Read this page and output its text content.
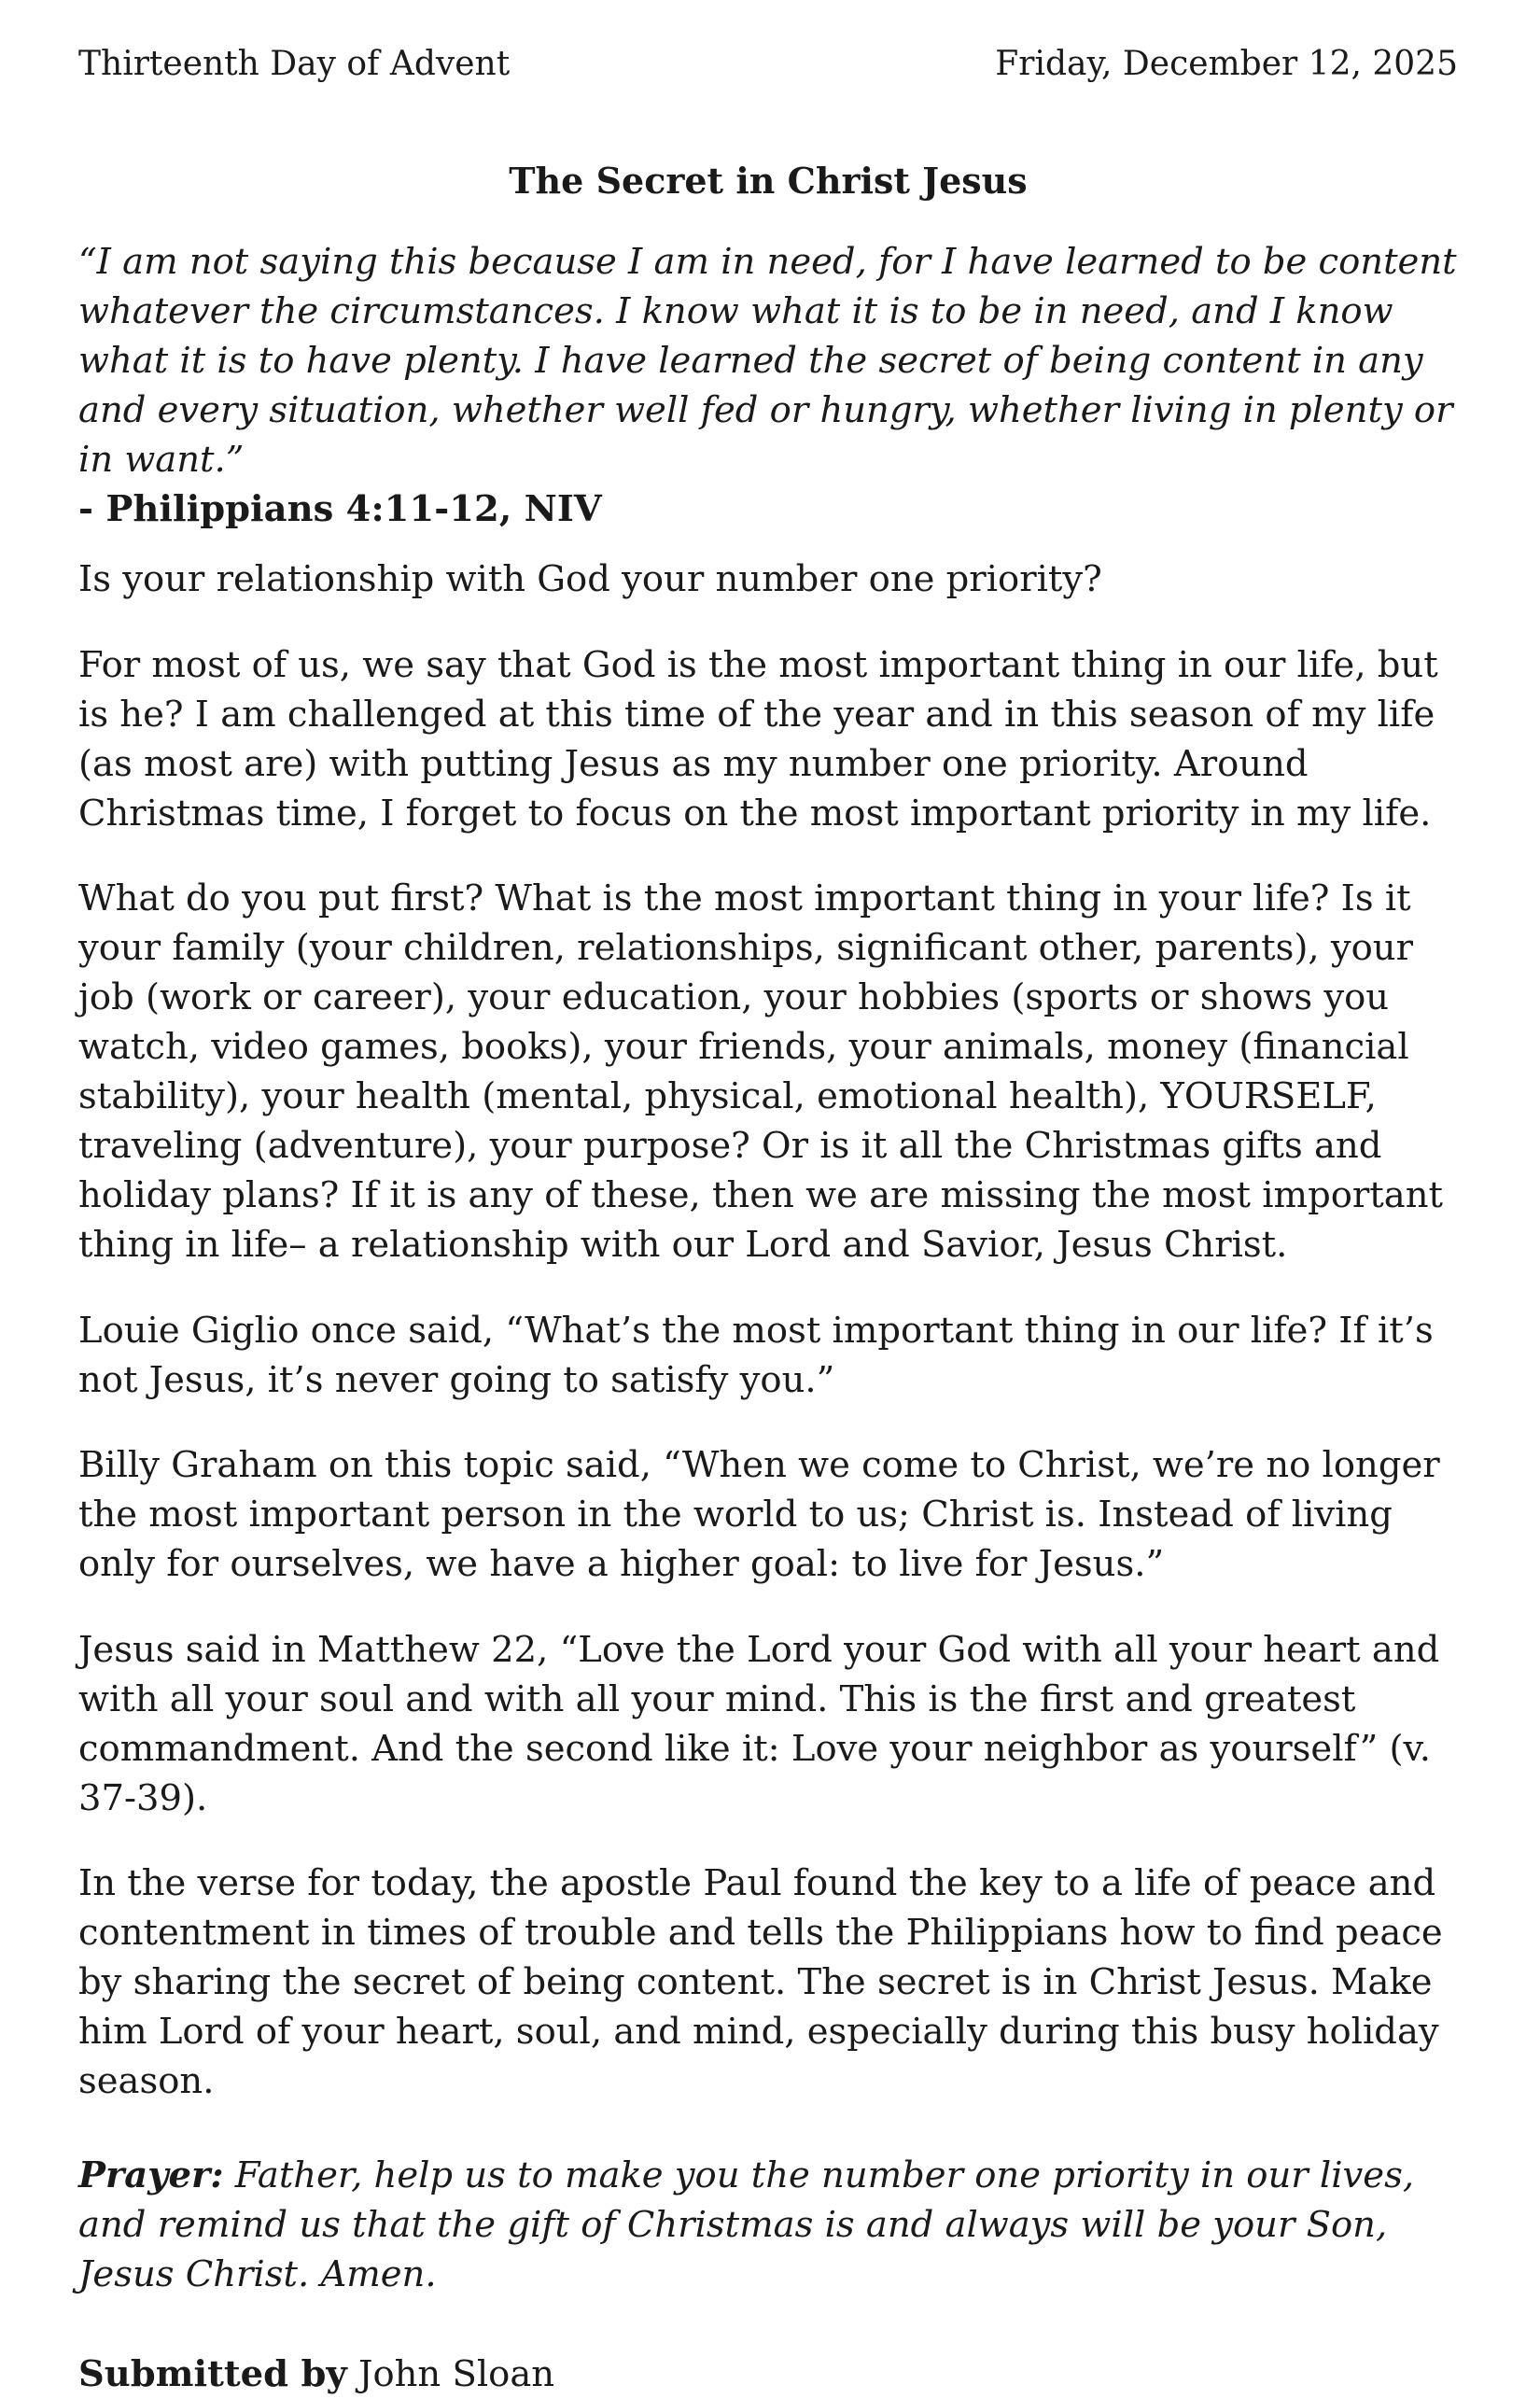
Thirteenth Day of Advent	Friday, December 12, 2025
The Secret in Christ Jesus
“I am not saying this because I am in need, for I have learned to be content whatever the circumstances. I know what it is to be in need, and I know what it is to have plenty. I have learned the secret of being content in any and every situation, whether well fed or hungry, whether living in plenty or in want.”
- Philippians 4:11-12, NIV

Is your relationship with God your number one priority?

For most of us, we say that God is the most important thing in our life, but is he? I am challenged at this time of the year and in this season of my life (as most are) with putting Jesus as my number one priority. Around Christmas time, I forget to focus on the most important priority in my life.

What do you put first? What is the most important thing in your life? Is it your family (your children, relationships, significant other, parents), your job (work or career), your education, your hobbies (sports or shows you watch, video games, books), your friends, your animals, money (financial stability), your health (mental, physical, emotional health), YOURSELF, traveling (adventure), your purpose? Or is it all the Christmas gifts and holiday plans? If it is any of these, then we are missing the most important thing in life– a relationship with our Lord and Savior, Jesus Christ.

Louie Giglio once said, “What’s the most important thing in our life? If it’s not Jesus, it’s never going to satisfy you.”

Billy Graham on this topic said, “When we come to Christ, we’re no longer the most important person in the world to us; Christ is. Instead of living only for ourselves, we have a higher goal: to live for Jesus.”

Jesus said in Matthew 22, “Love the Lord your God with all your heart and with all your soul and with all your mind. This is the first and greatest commandment. And the second like it: Love your neighbor as yourself” (v. 37-39).

In the verse for today, the apostle Paul found the key to a life of peace and contentment in times of trouble and tells the Philippians how to find peace by sharing the secret of being content. The secret is in Christ Jesus. Make him Lord of your heart, soul, and mind, especially during this busy holiday season.

Prayer: Father, help us to make you the number one priority in our lives, and remind us that the gift of Christmas is and always will be your Son, Jesus Christ. Amen.
Submitted by John Sloan
